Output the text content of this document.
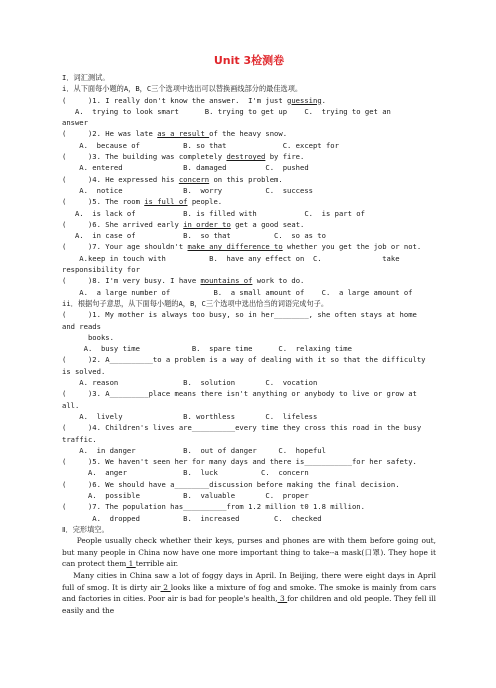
Unit 3检测卷
I．词汇测试。
i．从下面每小题的A，B，C三个选项中选出可以替换画线部分的最佳选项。
(     )1. I really don't know the answer.  I'm just guessing.
A.  trying to look smart      B. trying to get up    C.  trying to get an
answer
(     )2. He was late as a result of the heavy snow.
A.  because of          B. so that             C. except for
(     )3. The building was completely destroyed by fire.
A. entered              B. damaged         C.  pushed
(     )4. He expressed his concern on this problem.
A.  notice              B.  worry          C.  success
(     )5. The room is full of people.
A.  is lack of           B. is filled with           C.  is part of
(     )6. She arrived early in order to get a good seat.
A.  in case of           B.  so that          C.  so as to
(     )7. Your age shouldn't make any difference to whether you get the job or not.
A.keep in touch with          B.  have any effect on  C.              take
responsibility for
(     )8. I'm very busy. I have mountains of work to do.
A.  a large number of          B.  a small amount of    C.  a large amount of
ii．根据句子意思，从下面每小题的A，B，C三个选项中选出恰当的词语完成句子。
(     )1. My mother is always too busy, so in her________, she often stays at home
and reads
books.
A.  busy time            B.  spare time      C.  relaxing time
(     )2. A__________to a problem is a way of dealing with it so that the difficulty
is solved.
A. reason               B.  solution       C.  vocation
(     )3. A_________place means there isn't anything or anybody to live or grow at
all.
A.  lively              B. worthless       C.  lifeless
(     )4. Children's lives are__________every time they cross this road in the busy
traffic.
A.  in danger           B.  out of danger     C.  hopeful
(     )5. We haven't seen her for many days and there is___________for her safety.
A.  anger             B.  luck          C.  concern
(     )6. We should have a________discussion before making the final decision.
A.  possible          B.  valuable       C.  proper
(     )7. The population has__________from 1.2 million t0 1.8 million.
A.  dropped          B.  increased        C.  checked
Ⅱ．完形填空。
People usually check whether their keys, purses and phones are with them before going out, but many people in China now have one more important thing to take--a mask(口罩). They hope it can protect them 1 terrible air.
Many cities in China saw a lot of foggy days in April. In Beijing, there were eight days in April full of smog. It is dirty air 2 looks like a mixture of fog and smoke. The smoke is mainly from cars and factories in cities. Poor air is bad for people's health, 3 for children and old people. They fell ill easily and the
